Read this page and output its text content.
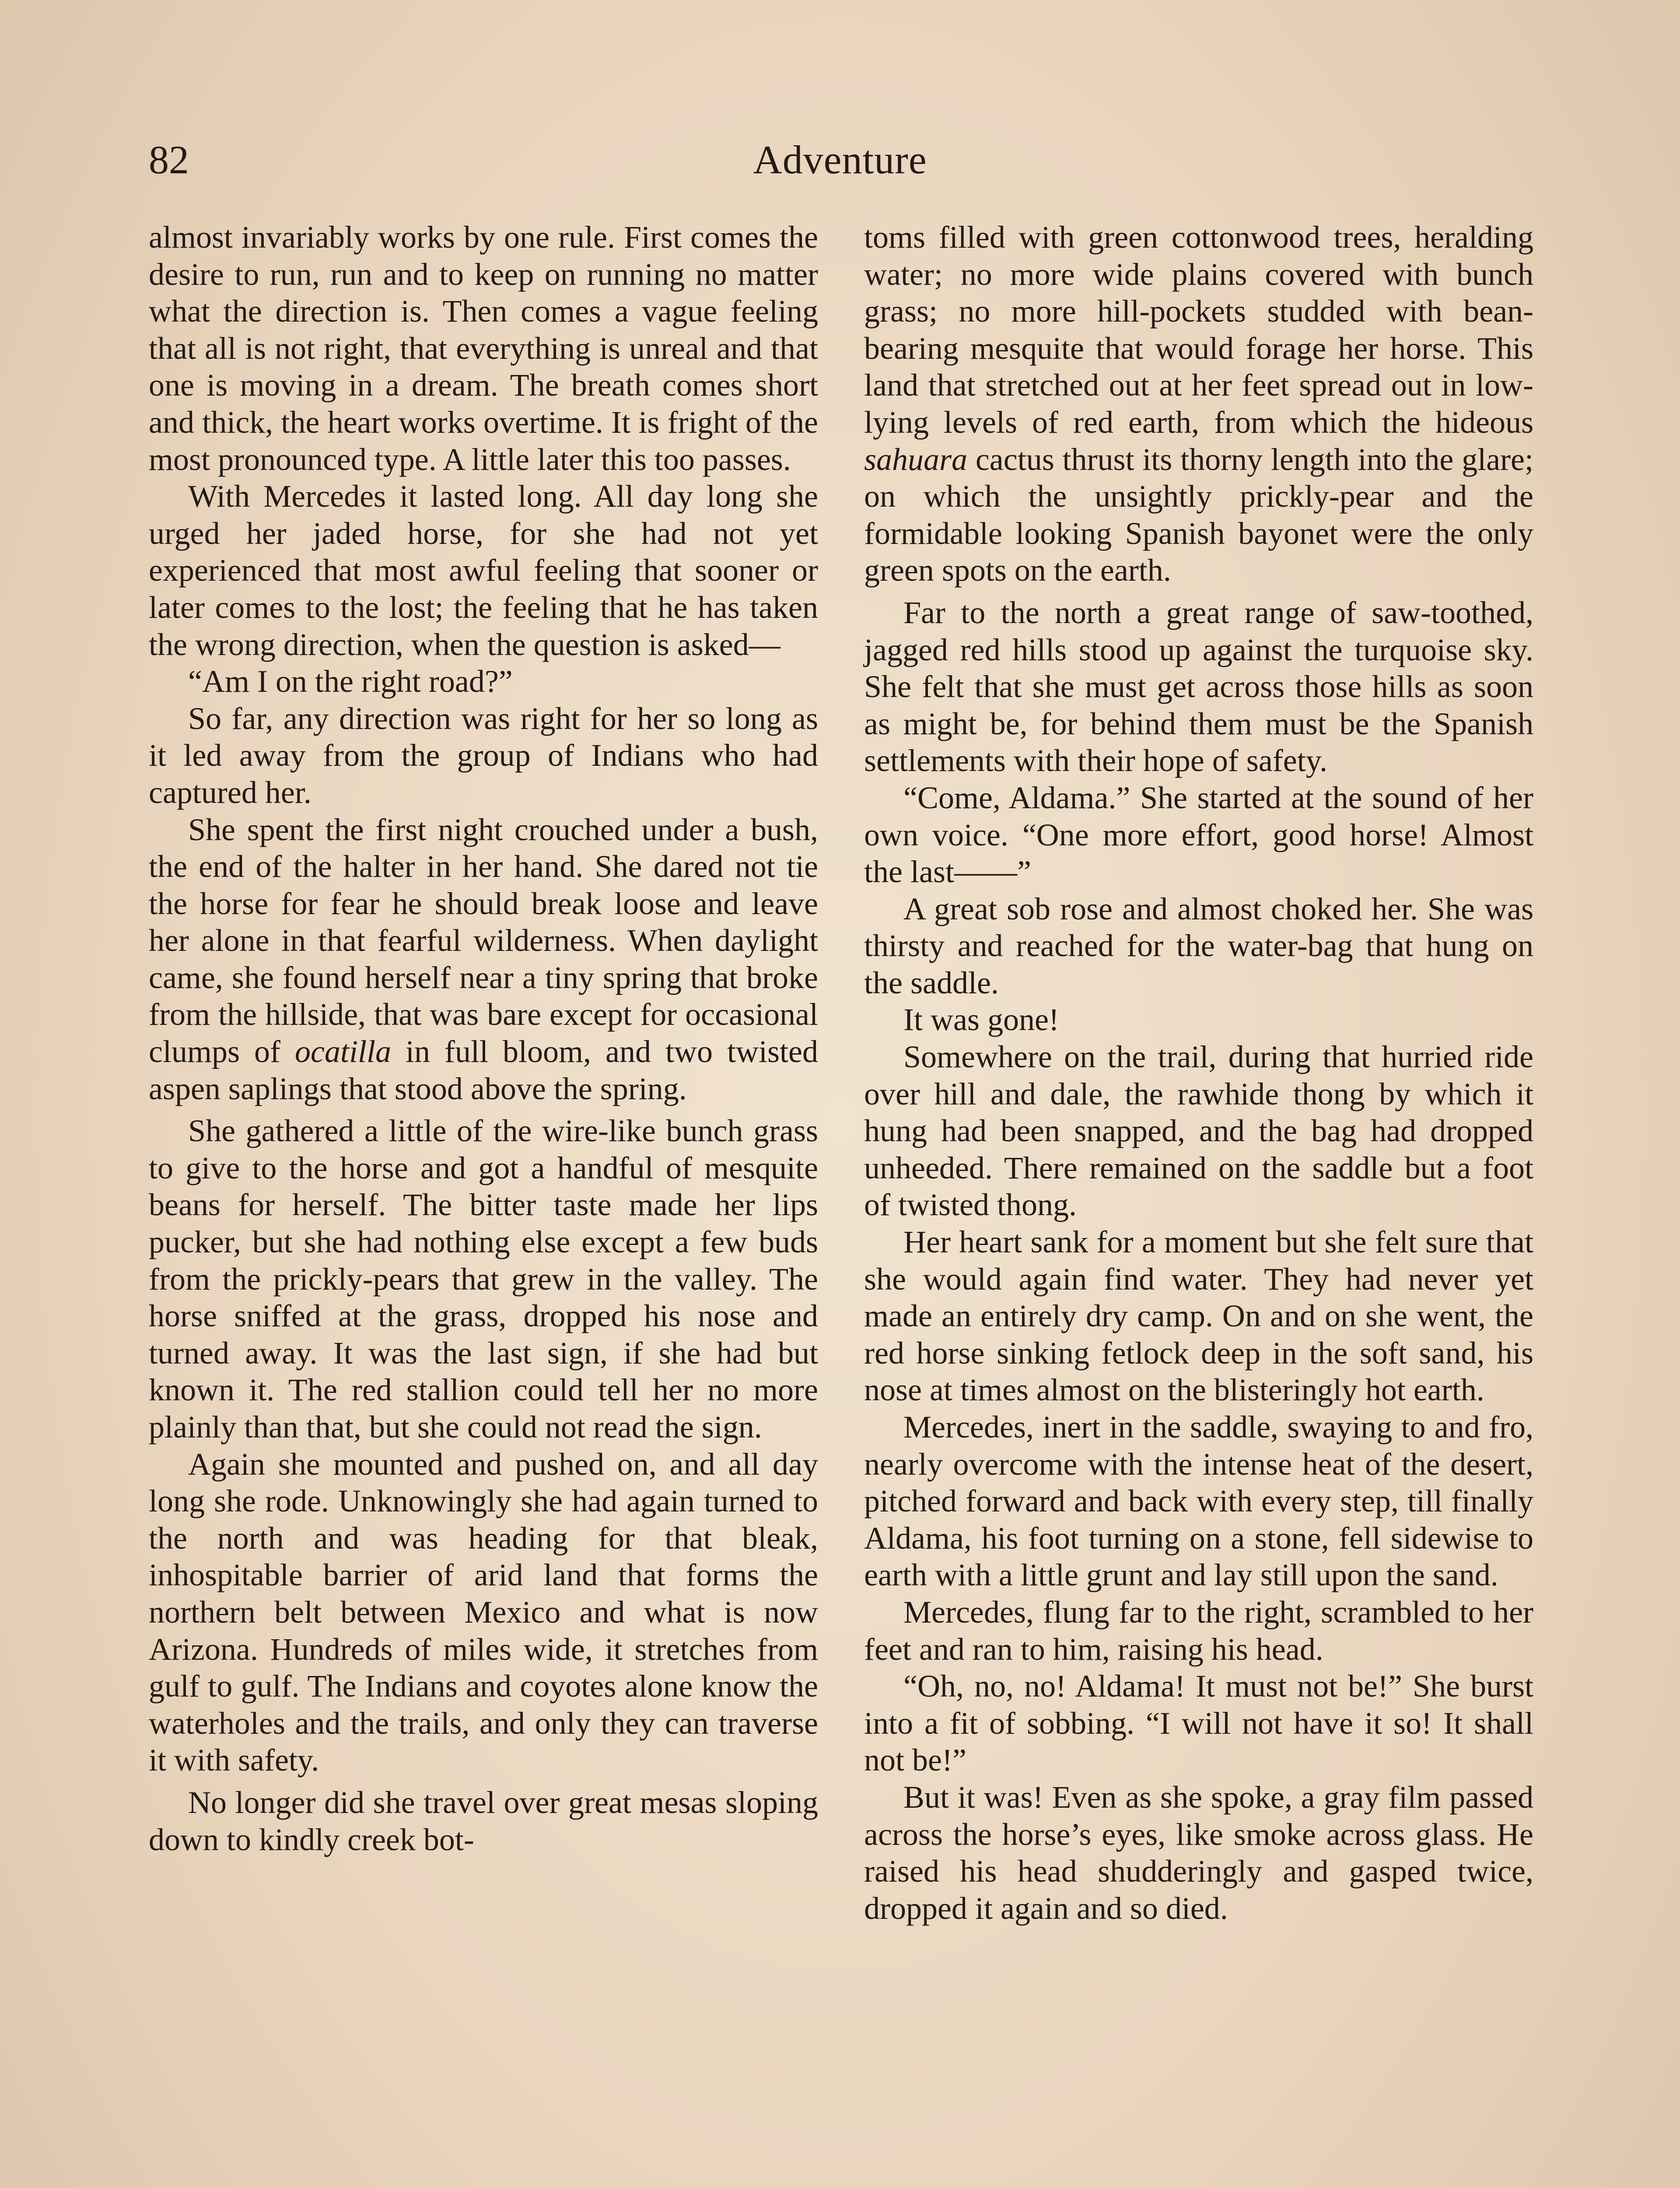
82	Adventure

almost invariably works by one rule. First comes the desire to run, run and to keep on running no matter what the direction is. Then comes a vague feeling that all is not right, that everything is unreal and that one is moving in a dream. The breath comes short and thick, the heart works overtime. It is fright of the most pronounced type. A little later this too passes.

With Mercedes it lasted long. All day long she urged her jaded horse, for she had not yet experienced that most awful feeling that sooner or later comes to the lost; the feeling that he has taken the wrong direction, when the question is asked—

“Am I on the right road?”

So far, any direction was right for her so long as it led away from the group of Indians who had captured her.

She spent the first night crouched under a bush, the end of the halter in her hand. She dared not tie the horse for fear he should break loose and leave her alone in that fearful wilderness. When daylight came, she found herself near a tiny spring that broke from the hillside, that was bare except for occasional clumps of ocatilla in full bloom, and two twisted aspen saplings that stood above the spring.

She gathered a little of the wire-like bunch grass to give to the horse and got a handful of mesquite beans for herself. The bitter taste made her lips pucker, but she had nothing else except a few buds from the prickly-pears that grew in the valley. The horse sniffed at the grass, dropped his nose and turned away. It was the last sign, if she had but known it. The red stallion could tell her no more plainly than that, but she could not read the sign.

Again she mounted and pushed on, and all day long she rode. Unknowingly she had again turned to the north and was heading for that bleak, inhospitable barrier of arid land that forms the northern belt between Mexico and what is now Arizona. Hundreds of miles wide, it stretches from gulf to gulf. The Indians and coyotes alone know the waterholes and the trails, and only they can traverse it with safety.

No longer did she travel over great mesas sloping down to kindly creek bot-

toms filled with green cottonwood trees, heralding water; no more wide plains covered with bunch grass; no more hill-pockets studded with bean-bearing mesquite that would forage her horse. This land that stretched out at her feet spread out in low-lying levels of red earth, from which the hideous sahuara cactus thrust its thorny length into the glare; on which the unsightly prickly-pear and the formidable looking Spanish bayonet were the only green spots on the earth.

Far to the north a great range of saw-toothed, jagged red hills stood up against the turquoise sky. She felt that she must get across those hills as soon as might be, for behind them must be the Spanish settlements with their hope of safety.

“Come, Aldama.” She started at the sound of her own voice. “One more effort, good horse! Almost the last——”

A great sob rose and almost choked her. She was thirsty and reached for the water-bag that hung on the saddle.

It was gone!

Somewhere on the trail, during that hurried ride over hill and dale, the rawhide thong by which it hung had been snapped, and the bag had dropped unheeded. There remained on the saddle but a foot of twisted thong.

Her heart sank for a moment but she felt sure that she would again find water. They had never yet made an entirely dry camp. On and on she went, the red horse sinking fetlock deep in the soft sand, his nose at times almost on the blisteringly hot earth.

Mercedes, inert in the saddle, swaying to and fro, nearly overcome with the intense heat of the desert, pitched forward and back with every step, till finally Aldama, his foot turning on a stone, fell sidewise to earth with a little grunt and lay still upon the sand.

Mercedes, flung far to the right, scrambled to her feet and ran to him, raising his head.

“Oh, no, no! Aldama! It must not be!” She burst into a fit of sobbing. “I will not have it so! It shall not be!”

But it was! Even as she spoke, a gray film passed across the horse’s eyes, like smoke across glass. He raised his head shudderingly and gasped twice, dropped it again and so died.
